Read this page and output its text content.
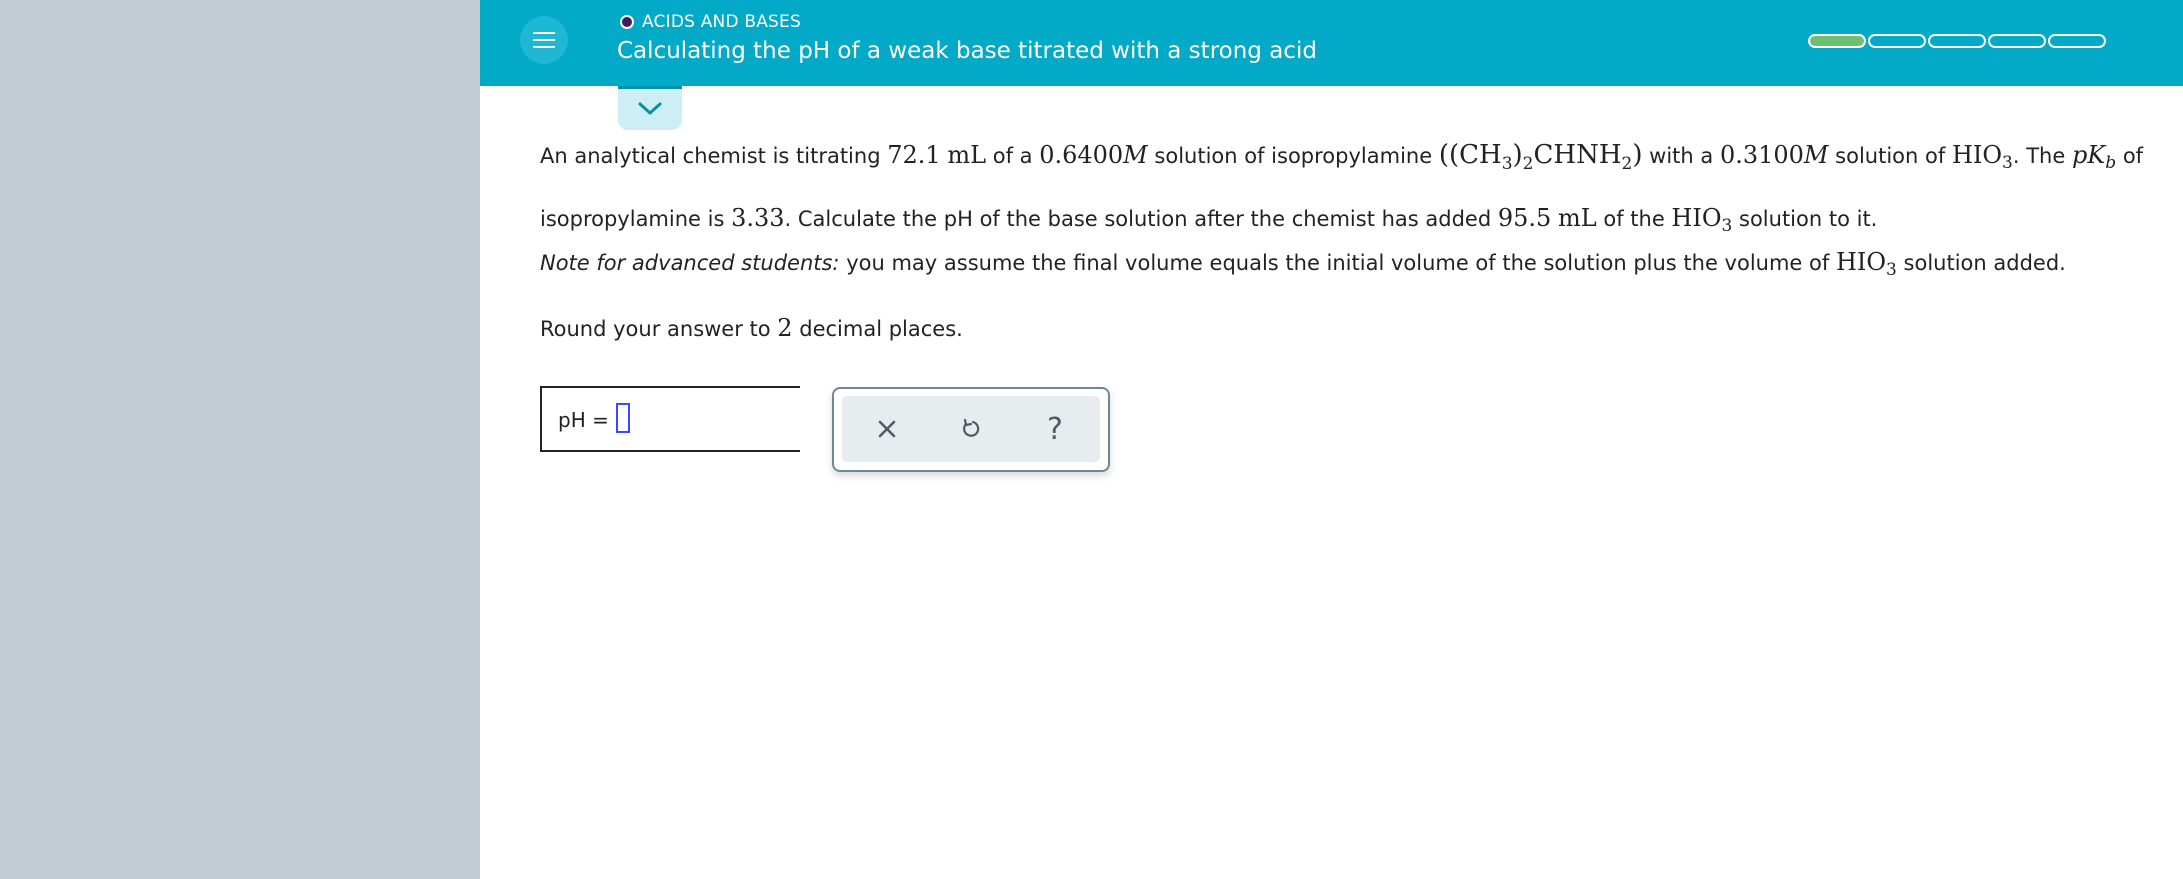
ACIDS AND BASES
Calculating the pH of a weak base titrated with a strong acid
An analytical chemist is titrating 72.1 mL of a 0.6400M solution of isopropylamine $((CH_3)_2CHNH_2)$ with a 0.3100M solution of $HIO_3$. The $pK_b$ of isopropylamine is 3.33. Calculate the pH of the base solution after the chemist has added 95.5 mL of the $HIO_3$ solution to it.
Note for advanced students: you may assume the final volume equals the initial volume of the solution plus the volume of $HIO_3$ solution added.
Round your answer to 2 decimal places.
pH =	?
